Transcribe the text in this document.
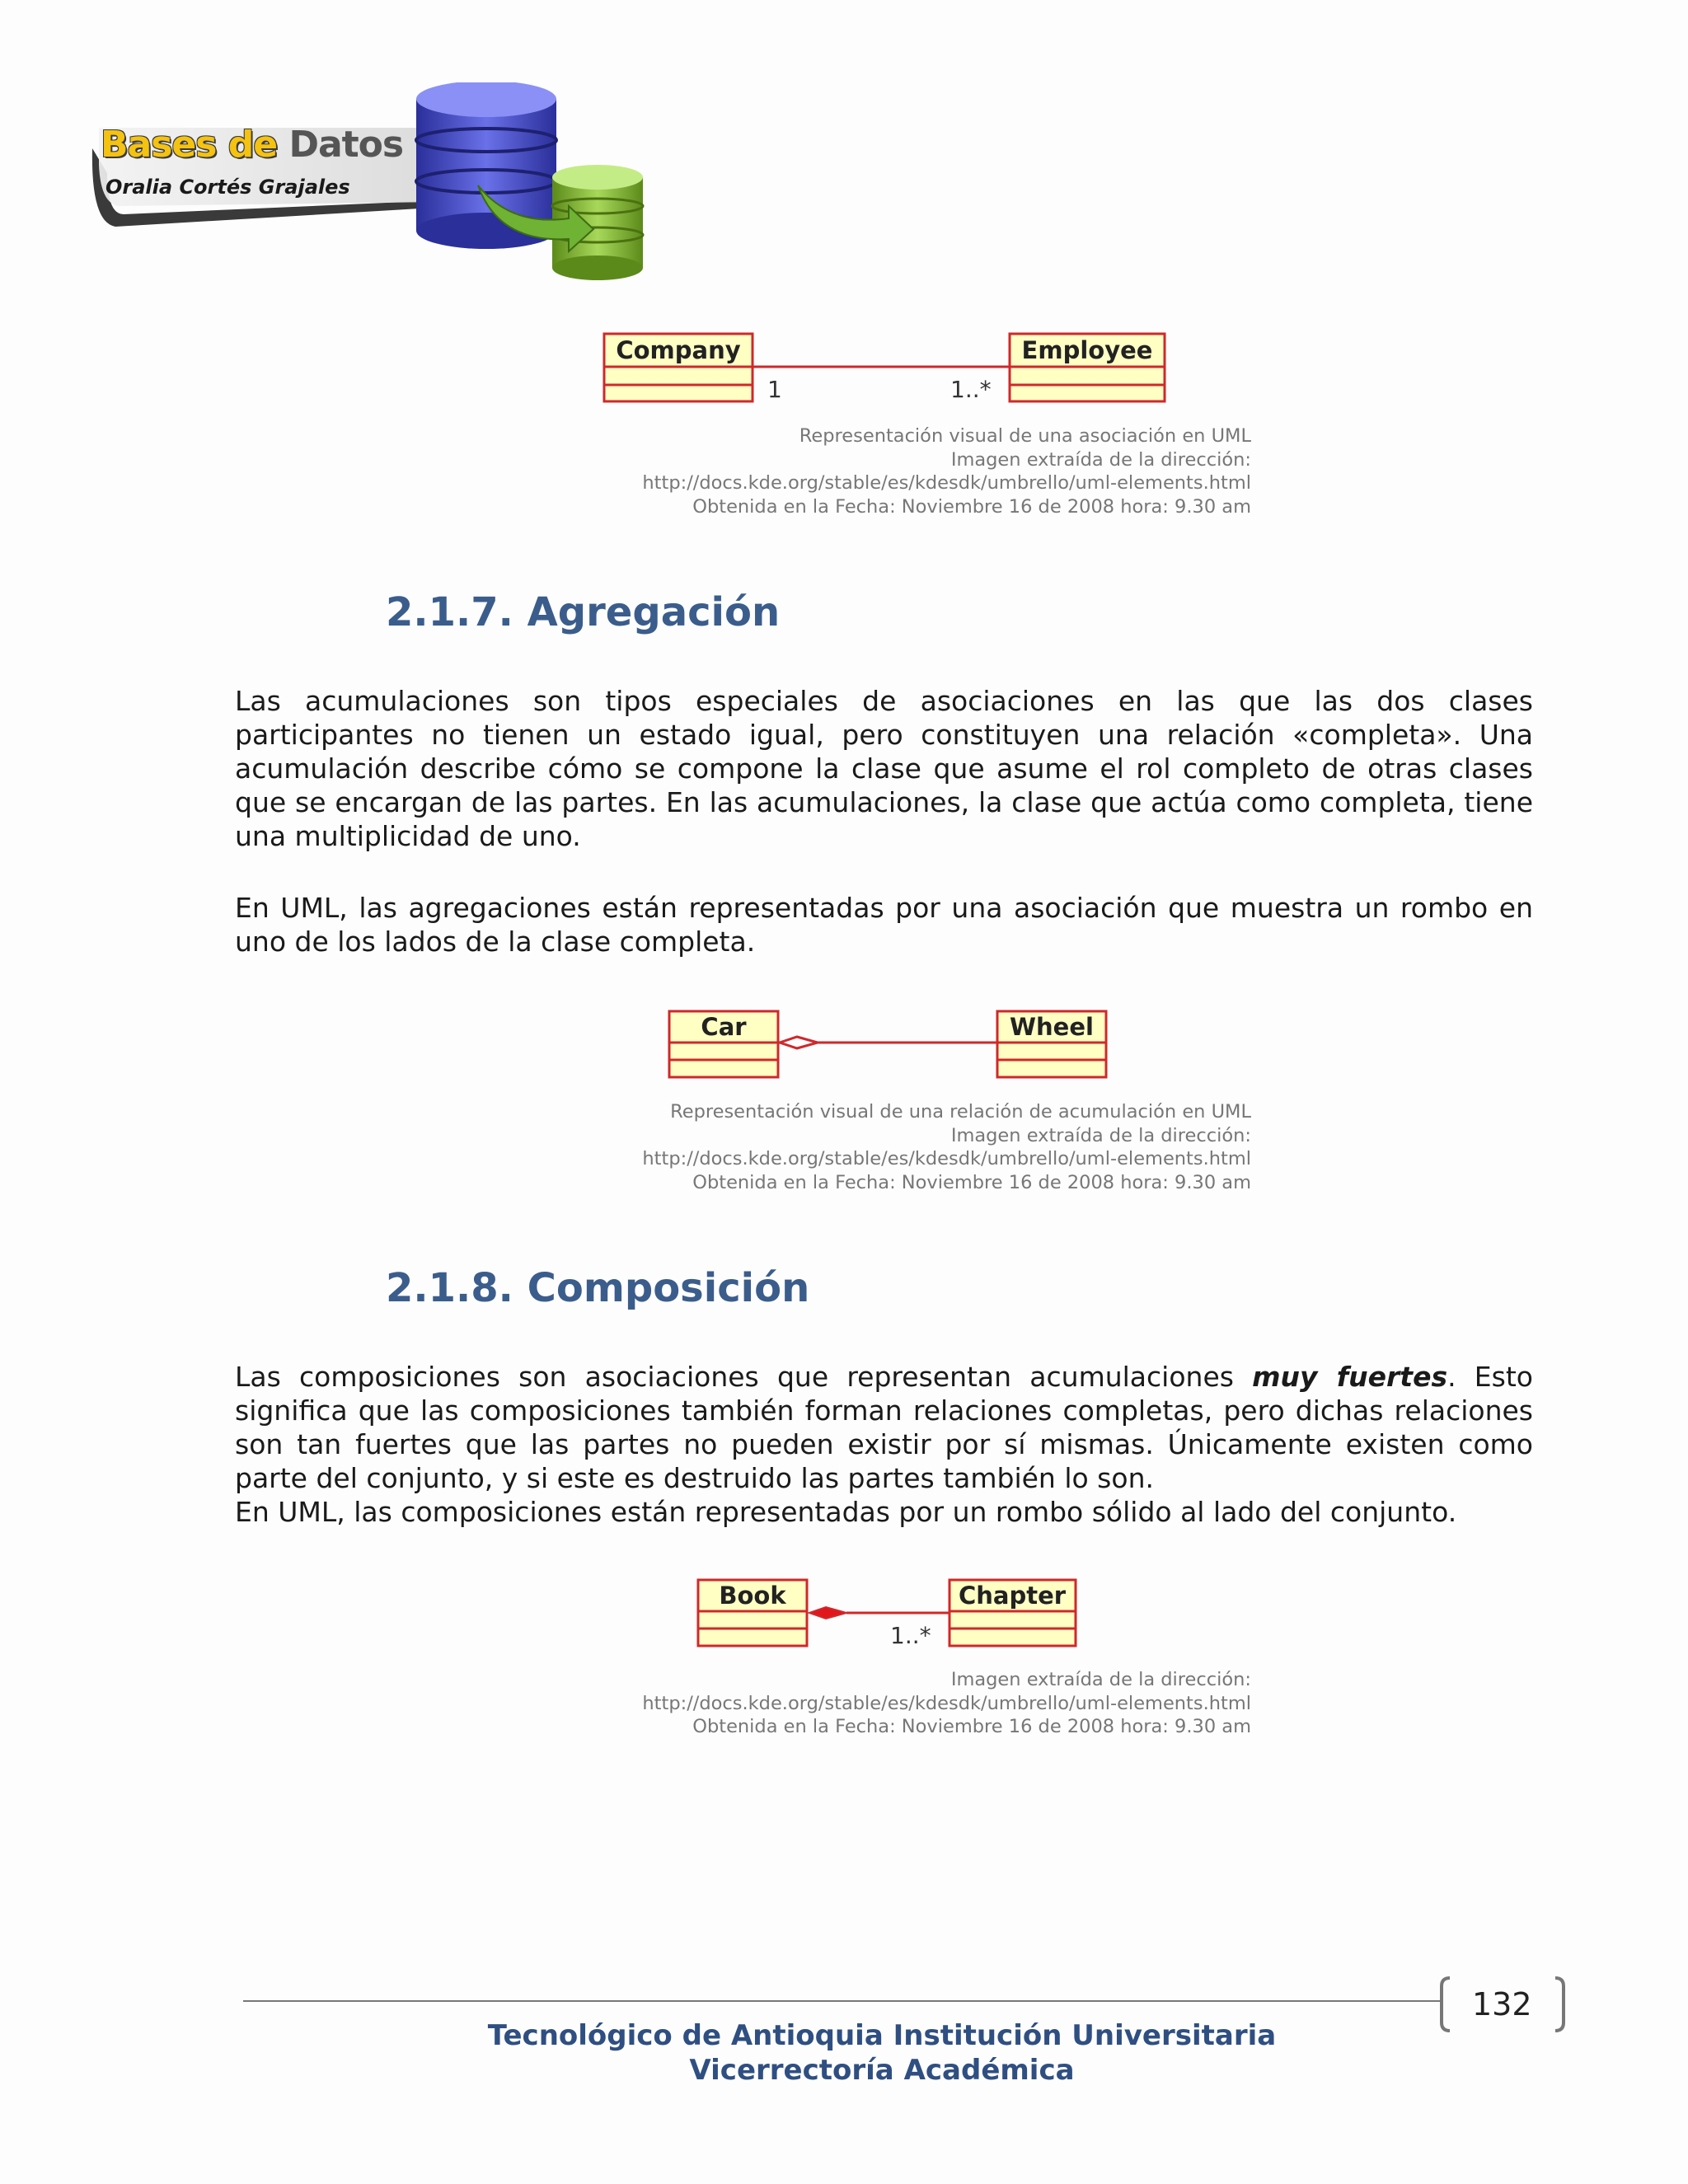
Bases de Datos
Oralia Cortés Grajales
Company
1	1..*
Employee
Representación visual de una asociación en UML
Imagen extraída de la dirección:
http://docs.kde.org/stable/es/kdesdk/umbrello/uml-elements.html
Obtenida en la Fecha: Noviembre 16 de 2008 hora: 9.30 am
2.1.7. Agregación
Las acumulaciones son tipos especiales de asociaciones en las que las dos clases participantes no tienen un estado igual, pero constituyen una relación «completa». Una acumulación describe cómo se compone la clase que asume el rol completo de otras clases que se encargan de las partes. En las acumulaciones, la clase que actúa como completa, tiene una multiplicidad de uno.
En UML, las agregaciones están representadas por una asociación que muestra un rombo en uno de los lados de la clase completa.
Car	Wheel
Representación visual de una relación de acumulación en UML
Imagen extraída de la dirección:
http://docs.kde.org/stable/es/kdesdk/umbrello/uml-elements.html
Obtenida en la Fecha: Noviembre 16 de 2008 hora: 9.30 am
2.1.8. Composición
Las composiciones son asociaciones que representan acumulaciones muy fuertes. Esto significa que las composiciones también forman relaciones completas, pero dichas relaciones son tan fuertes que las partes no pueden existir por sí mismas. Únicamente existen como parte del conjunto, y si este es destruido las partes también lo son.
En UML, las composiciones están representadas por un rombo sólido al lado del conjunto.
Book
1..*
Chapter
Imagen extraída de la dirección:
http://docs.kde.org/stable/es/kdesdk/umbrello/uml-elements.html
Obtenida en la Fecha: Noviembre 16 de 2008 hora: 9.30 am
132
Tecnológico de Antioquia Institución Universitaria
Vicerrectoría Académica
